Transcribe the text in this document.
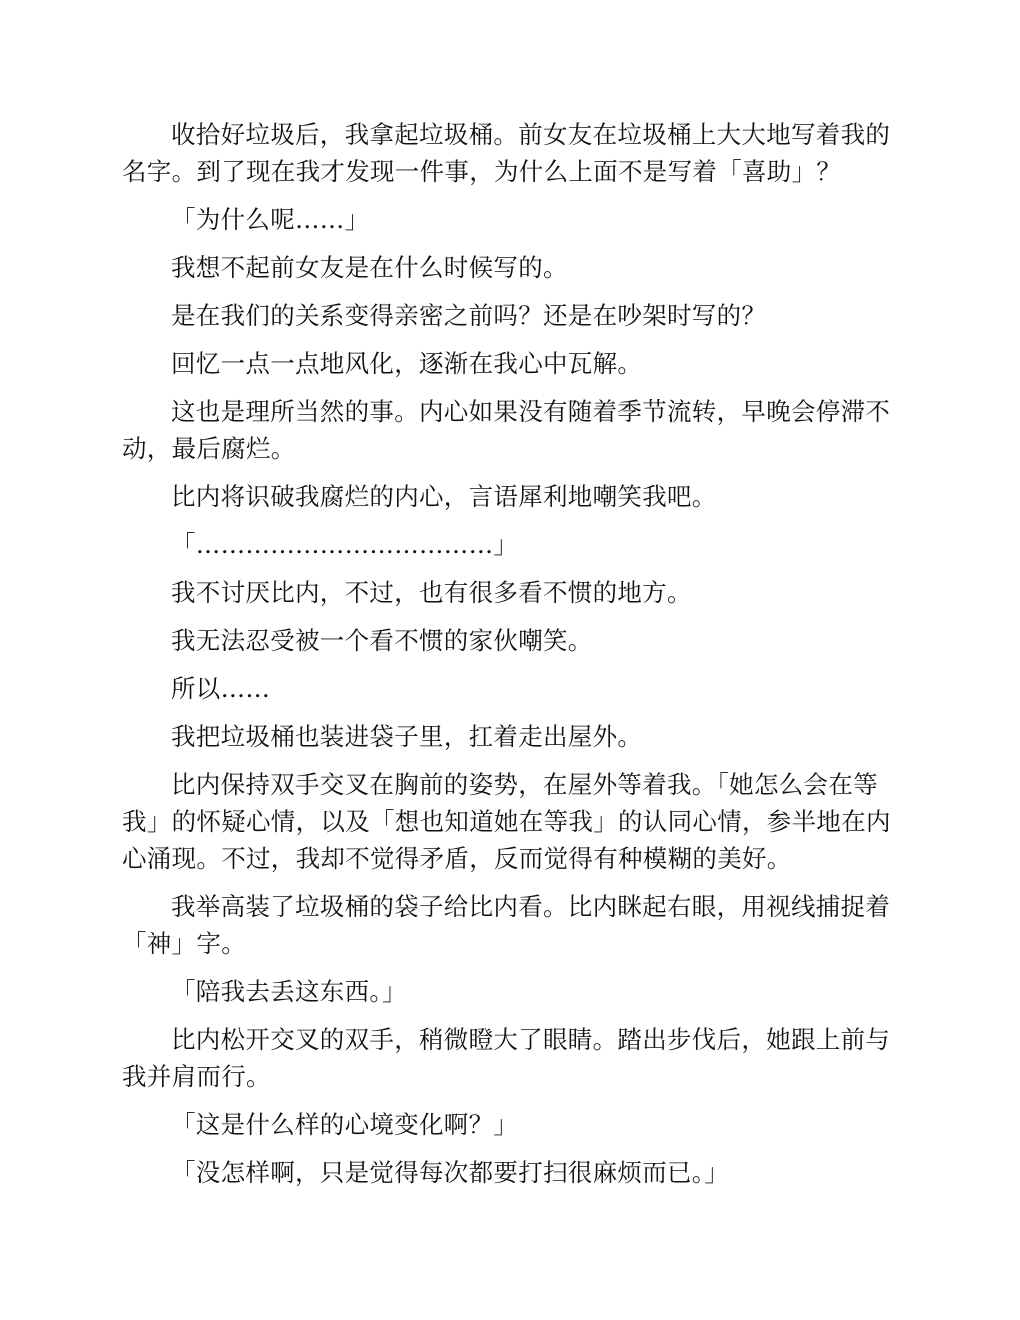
收拾好垃圾后，我拿起垃圾桶。前女友在垃圾桶上大大地写着我的名字。到了现在我才发现一件事，为什么上面不是写着「喜助」？

「为什么呢……」

我想不起前女友是在什么时候写的。

是在我们的关系变得亲密之前吗？还是在吵架时写的？

回忆一点一点地风化，逐渐在我心中瓦解。

这也是理所当然的事。内心如果没有随着季节流转，早晚会停滞不动，最后腐烂。

比内将识破我腐烂的内心，言语犀利地嘲笑我吧。

「………………………………」

我不讨厌比内，不过，也有很多看不惯的地方。

我无法忍受被一个看不惯的家伙嘲笑。

所以……

我把垃圾桶也装进袋子里，扛着走出屋外。

比内保持双手交叉在胸前的姿势，在屋外等着我。「她怎么会在等我」的怀疑心情，以及「想也知道她在等我」的认同心情，参半地在内心涌现。不过，我却不觉得矛盾，反而觉得有种模糊的美好。

我举高装了垃圾桶的袋子给比内看。比内眯起右眼，用视线捕捉着「神」字。

「陪我去丢这东西。」

比内松开交叉的双手，稍微瞪大了眼睛。踏出步伐后，她跟上前与我并肩而行。

「这是什么样的心境变化啊？」

「没怎样啊，只是觉得每次都要打扫很麻烦而已。」
